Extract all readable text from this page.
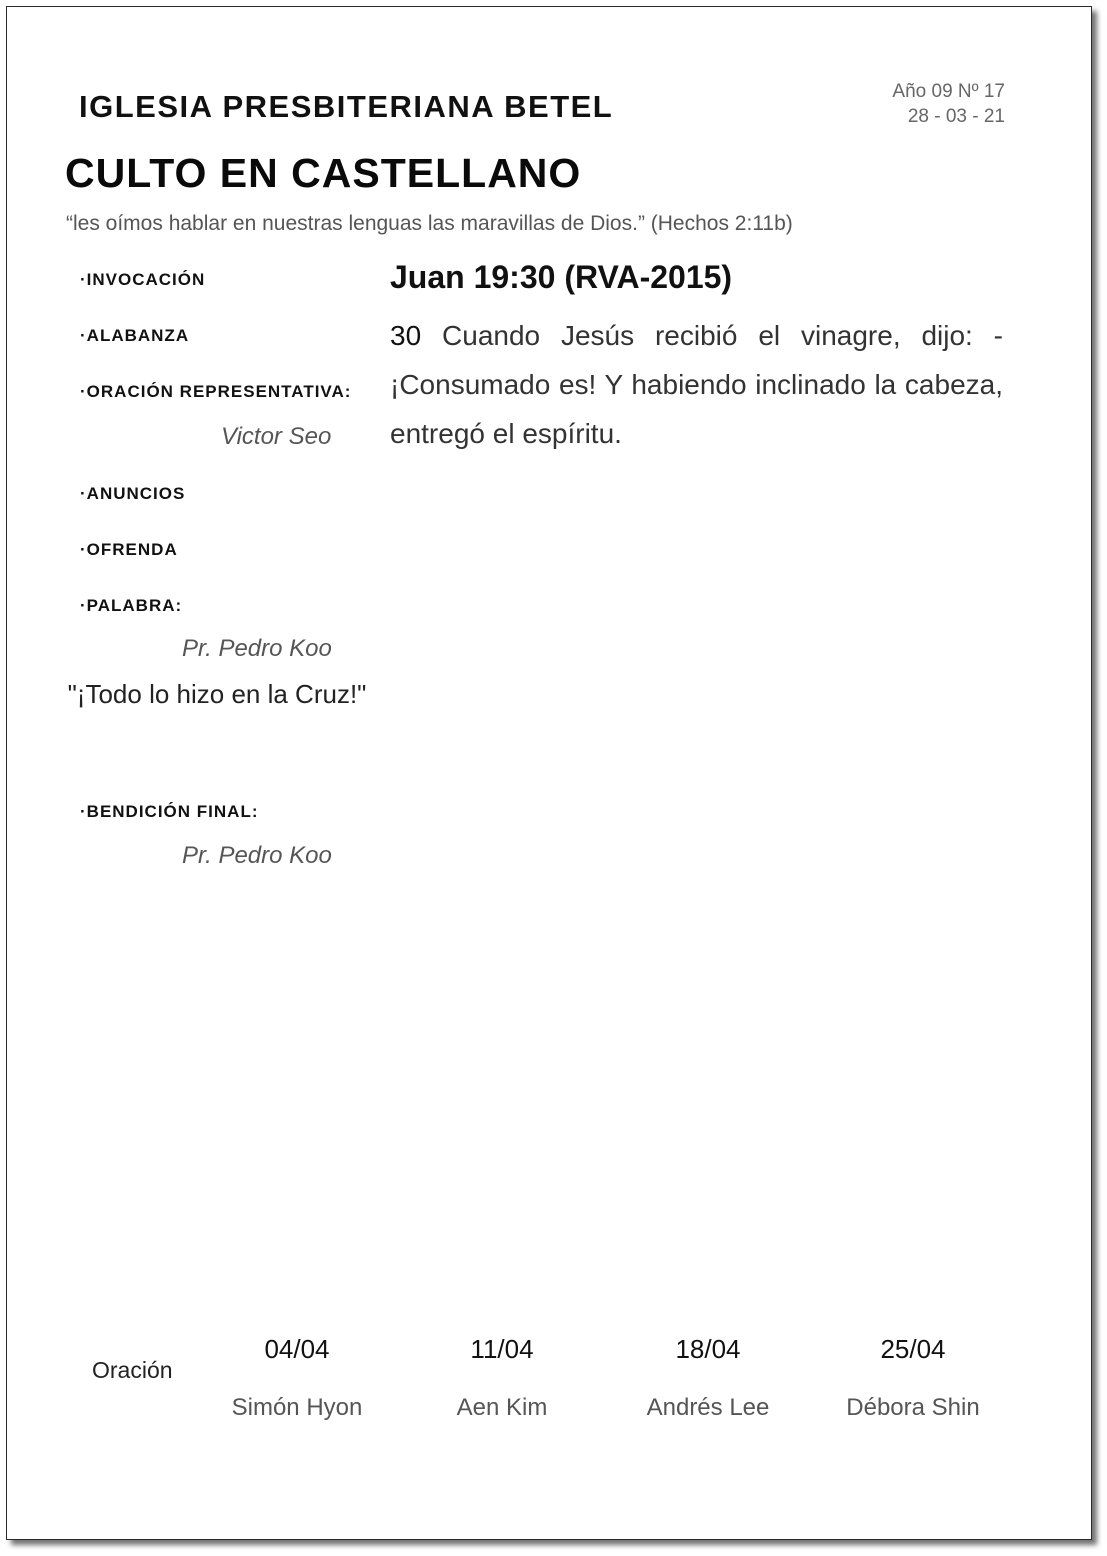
IGLESIA PRESBITERIANA BETEL	Año 09 Nº 17
28 - 03 - 21
CULTO EN CASTELLANO
“les oímos hablar en nuestras lenguas las maravillas de Dios.” (Hechos 2:11b)
·INVOCACIÓN
·ALABANZA
·ORACIÓN REPRESENTATIVA:
Victor Seo
·ANUNCIOS
·OFRENDA
·PALABRA:
Pr. Pedro Koo
"¡Todo lo hizo en la Cruz!"
·BENDICIÓN FINAL:
Pr. Pedro Koo
Juan 19:30 (RVA-2015)
30 Cuando Jesús recibió el vinagre, dijo: -¡Consumado es! Y habiendo inclinado la cabeza, entregó el espíritu.
Oración
04/04
Simón Hyon
11/04
Aen Kim
18/04
Andrés Lee
25/04
Débora Shin
